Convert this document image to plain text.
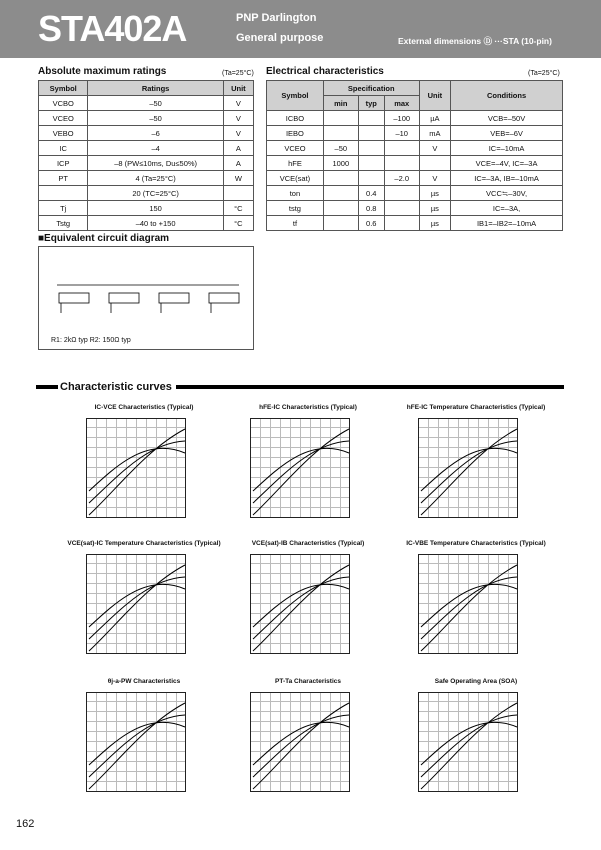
STA402A	PNP Darlington
General purpose	External dimensions Ⓓ ···STA (10-pin)
Absolute maximum ratings	(Ta=25°C)
Symbol	Ratings	Unit
VCBO	–50	V
VCEO	–50	V
VEBO	–6	V
IC	–4	A
ICP	–8 (PW≤10ms, Du≤50%)	A
PT	4 (Ta=25°C)	W
	20 (TC=25°C)	
Tj	150	°C
Tstg	–40 to +150	°C
Electrical characteristics	(Ta=25°C)
Symbol	Specification			Unit	Conditions
	min	typ	max		
ICBO			–100	µA	VCB=–50V
IEBO			–10	mA	VEB=–6V
VCEO	–50			V	IC=–10mA
hFE	1000				VCE=–4V, IC=–3A
VCE(sat)			–2.0	V	IC=–3A, IB=–10mA
ton		0.4		µs	VCC≒–30V,
tstg		0.8		µs	IC=–3A,
tf		0.6		µs	IB1=–IB2=–10mA
■Equivalent circuit diagram
R1: 2kΩ typ R2: 150Ω typ
Characteristic curves
IC-VCE Characteristics (Typical)	hFE-IC Characteristics (Typical)	hFE-IC Temperature Characteristics (Typical)
VCE(sat)-IC Temperature Characteristics (Typical)	VCE(sat)-IB Characteristics (Typical)	IC-VBE Temperature Characteristics (Typical)
θj-a-PW Characteristics	PT-Ta Characteristics	Safe Operating Area (SOA)
162
